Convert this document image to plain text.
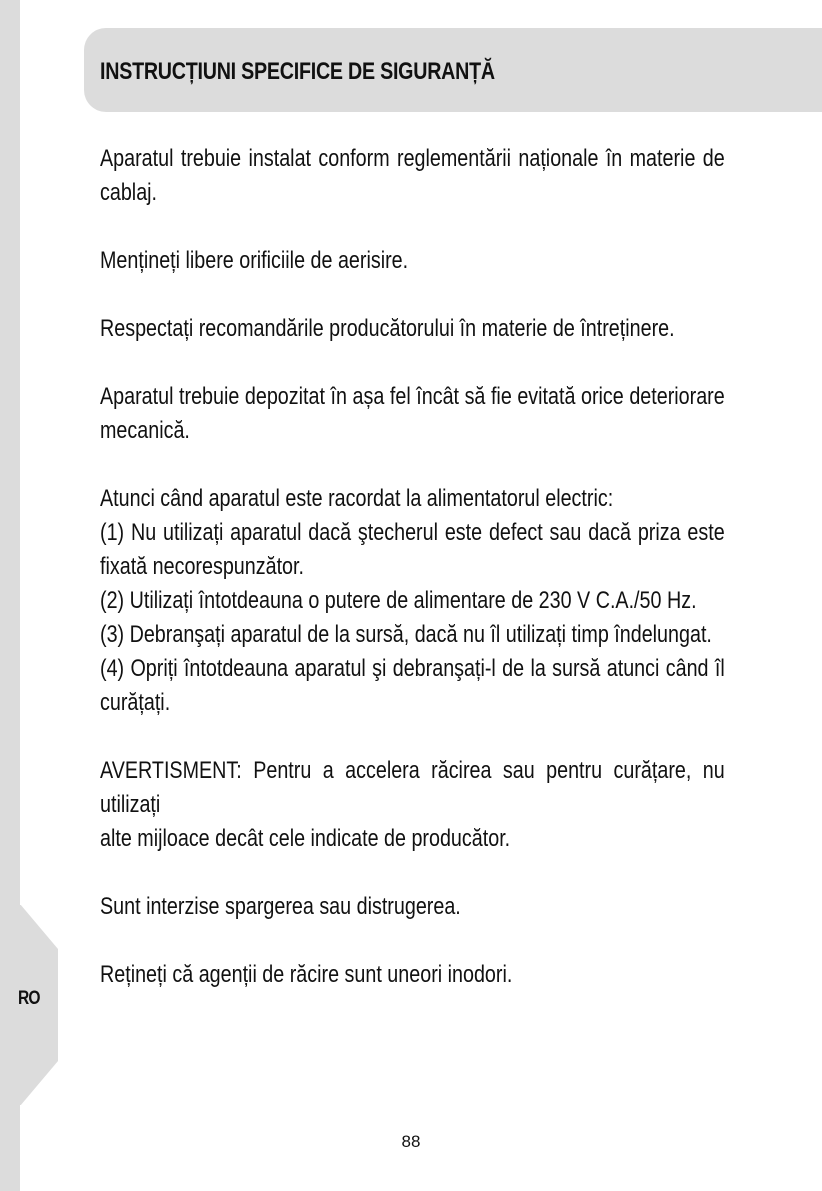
RO
INSTRUCȚIUNI SPECIFICE DE SIGURANȚĂ
Aparatul trebuie instalat conform reglementării naționale în materie de
cablaj.
Mențineți libere orificiile de aerisire.
Respectați recomandările producătorului în materie de întreținere.
Aparatul trebuie depozitat în așa fel încât să fie evitată orice deteriorare
mecanică.
Atunci când aparatul este racordat la alimentatorul electric:
(1) Nu utilizați aparatul dacă ştecherul este defect sau dacă priza este
fixată necorespunzător.
(2) Utilizați întotdeauna o putere de alimentare de 230 V C.A./50 Hz.
(3) Debranşați aparatul de la sursă, dacă nu îl utilizați timp îndelungat.
(4) Opriți întotdeauna aparatul şi debranşați-l de la sursă atunci când îl
curățați.
AVERTISMENT: Pentru a accelera răcirea sau pentru curățare, nu utilizați
alte mijloace decât cele indicate de producător.
Sunt interzise spargerea sau distrugerea.
Rețineți că agenții de răcire sunt uneori inodori.
88
